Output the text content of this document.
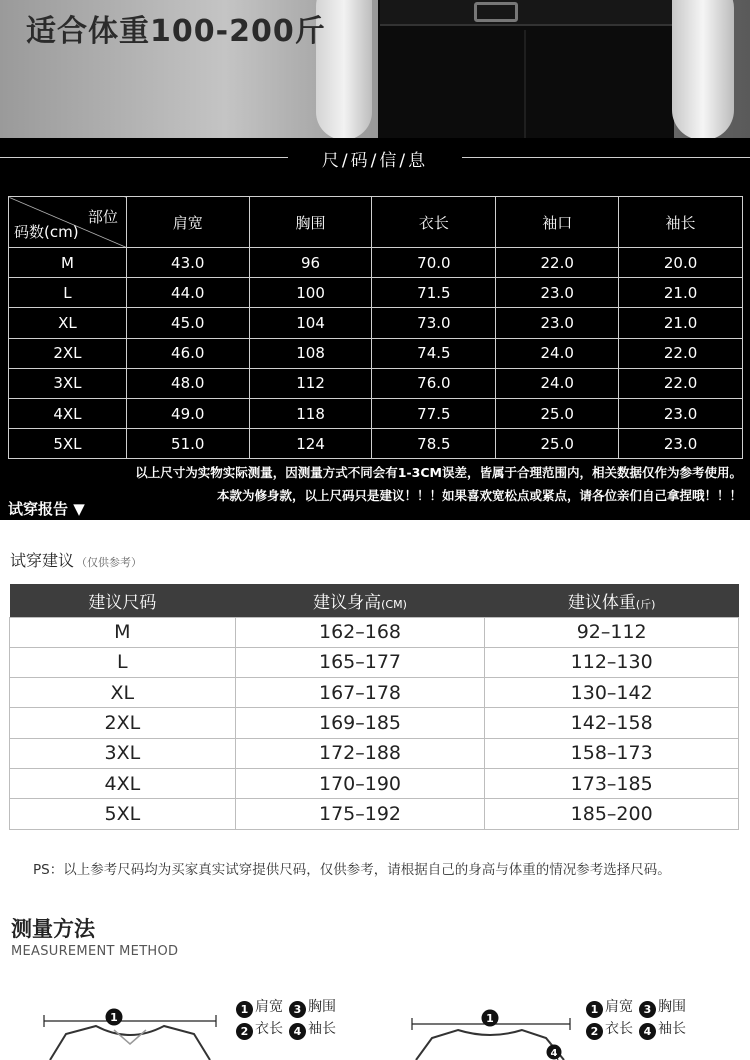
适合体重100-200斤
尺/码/信/息
部位
码数(cm)	肩宽	胸围	衣长	袖口	袖长
M	43.0	96	70.0	22.0	20.0
L	44.0	100	71.5	23.0	21.0
XL	45.0	104	73.0	23.0	21.0
2XL	46.0	108	74.5	24.0	22.0
3XL	48.0	112	76.0	24.0	22.0
4XL	49.0	118	77.5	25.0	23.0
5XL	51.0	124	78.5	25.0	23.0
以上尺寸为实物实际测量，因测量方式不同会有1-3CM误差，皆属于合理范围内，相关数据仅作为参考使用。
试穿报告 ▼
本款为修身款，以上尺码只是建议！！！如果喜欢宽松点或紧点，请各位亲们自己拿捏哦！！！
试穿建议 （仅供参考）
建议尺码	建议身高(CM)	建议体重(斤)
M	162–168	92–112
L	165–177	112–130
XL	167–178	130–142
2XL	169–185	142–158
3XL	172–188	158–173
4XL	170–190	173–185
5XL	175–192	185–200
PS：以上参考尺码均为买家真实试穿提供尺码，仅供参考，请根据自己的身高与体重的情况参考选择尺码。
测量方法
MEASUREMENT METHOD
1 肩宽 3 胸围
2 衣长 4 袖长
1 肩宽 3 胸围
2 衣长 4 袖长
1	1
4
